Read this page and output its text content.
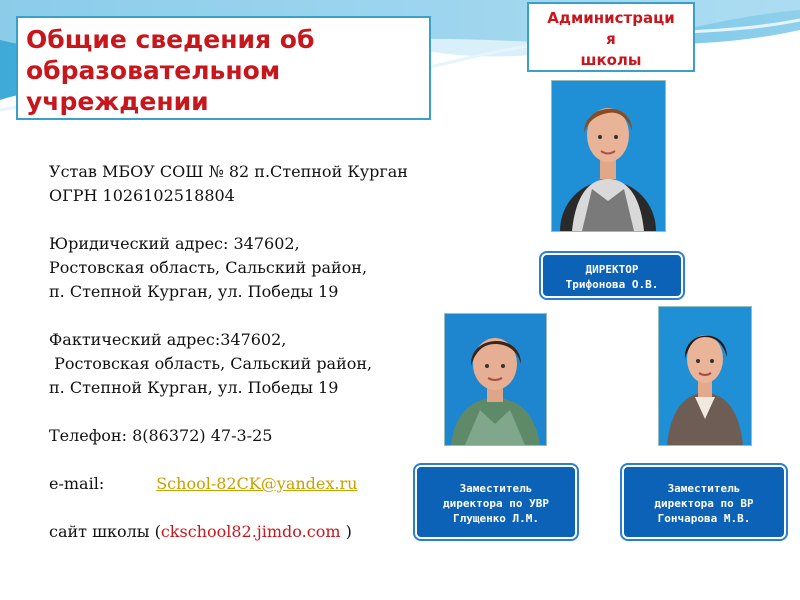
Общие сведения об
образовательном
учреждении
Администраци
я
школы
Устав МБОУ СОШ № 82 п.Степной Курган
ОГРН 1026102518804
Юридический адрес: 347602,
Ростовская область, Сальский район,
п. Степной Курган, ул. Победы 19
Фактический адрес:347602,
Ростовская область, Сальский район,
п. Степной Курган, ул. Победы 19
Телефон: 8(86372) 47-3-25
e-mail:	School-82CK@yandex.ru
сайт школы (ckschool82.jimdo.com )
ДИРЕКТОР
Трифонова О.В.
Заместитель
директора по УВР
Глущенко Л.М.
Заместитель
директора по ВР
Гончарова М.В.
